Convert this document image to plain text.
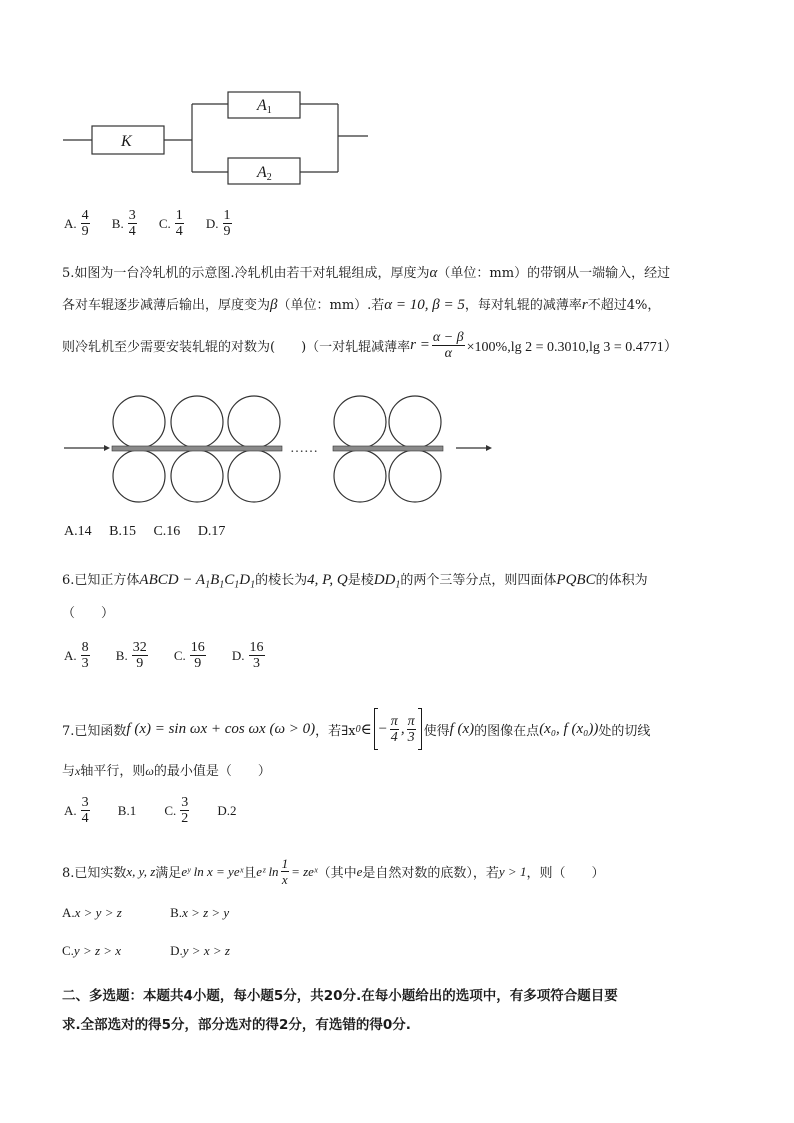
K
A1
A2
A. $\frac{4}{9}$
B. $\frac{3}{4}$
C. $\frac{1}{4}$
D. $\frac{1}{9}$
5.如图为一台冷轧机的示意图.冷轧机由若干对轧辊组成，厚度为α（单位：mm）的带钢从一端输入，经过
各对车辊逐步减薄后输出，厚度变为β（单位：mm）.若α = 10, β = 5，每对轧辊的减薄率r不超过4%，
则冷轧机至少需要安装轧辊的对数为(　　)（一对轧辊减薄率 $r = \frac{\alpha - \beta}{\alpha} \times 100\%,\lg$ 2 = 0.3010,lg 3 = 0.4771）
……
A.14 B.15 C.16 D.17
6.已知正方体ABCD − $A_1B_1C_1D_1$的棱长为4, P, Q是棱$DD_1$的两个三等分点，则四面体PQBC的体积为
（　　）
A. $\frac{8}{3}$
B. $\frac{32}{9}$
C. $\frac{16}{9}$
D. $\frac{16}{3}$
7.已知函数 f (x) = sin ωx + cos ωx (ω > 0) ，若∃x 0 ∈ − $\frac{\pi}{4}$ , $\frac{\pi}{3}$ 使得 f (x) 的图像在点 (x₀, f (x₀)) 处的切线
与x轴平行，则ω的最小值是（　　）
A. $\frac{3}{4}$
B.1
C. $\frac{3}{2}$
D.2
8.已知实数 x, y, z 满足 eʸ ln x = yeˣ 且 eᶻ $\ln \frac{1}{x}$ = zeˣ （其中 e 是自然对数的底数），若 y > 1 ，则（　　）
A.x > y > z	B.x > z > y
C.y > z > x	D.y > x > z
二、多选题：本题共4小题，每小题5分，共20分.在每小题给出的选项中，有多项符合题目要
求.全部选对的得5分，部分选对的得2分，有选错的得0分.
